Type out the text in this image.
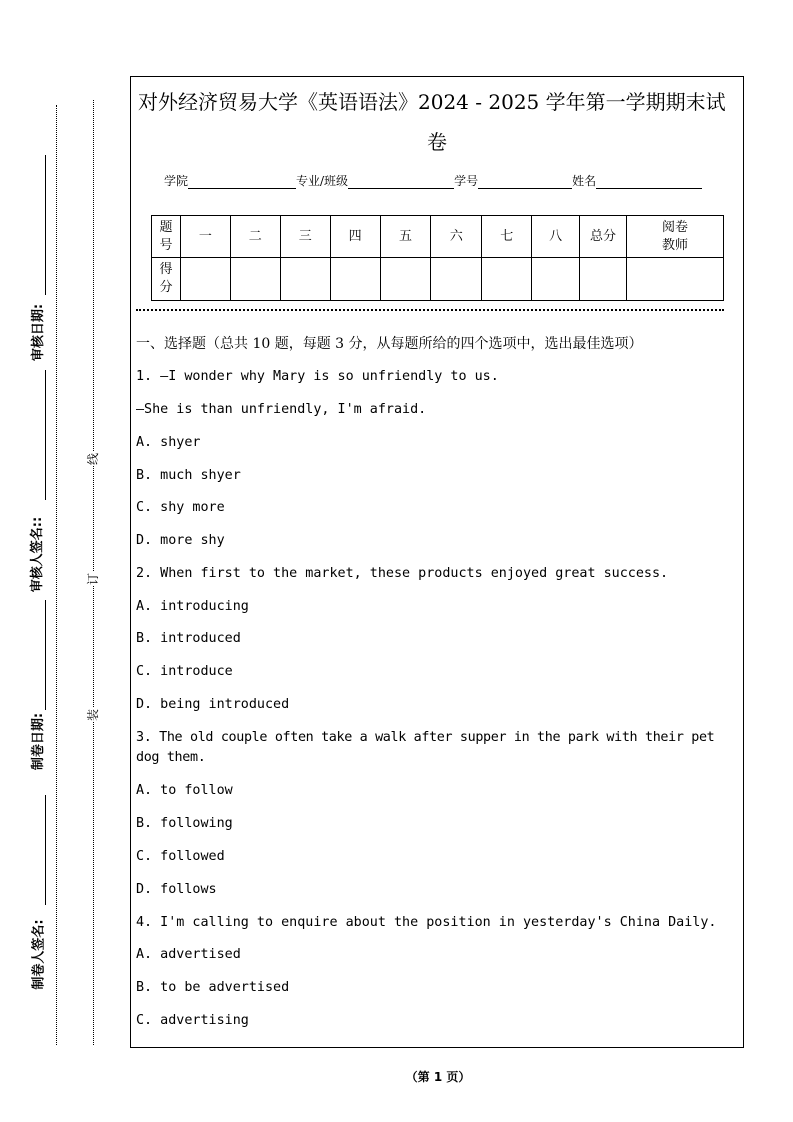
审核日期:
审核人签名::
制卷日期:
制卷人签名:
线
订
装
对外经济贸易大学《英语语法》2024 - 2025 学年第一学期期末试
卷
学院	专业/班级	学号	姓名
题号	一	二	三	四	五	六	七	八	总分	阅卷教师
得分										
一、选择题（总共 10 题，每题 3 分，从每题所给的四个选项中，选出最佳选项）
1. —I wonder why Mary is so unfriendly to us.
—She is than unfriendly, I'm afraid.
A. shyer
B. much shyer
C. shy more
D. more shy
2. When first to the market, these products enjoyed great success.
A. introducing
B. introduced
C. introduce
D. being introduced
3. The old couple often take a walk after supper in the park with their pet dog them.
A. to follow
B. following
C. followed
D. follows
4. I'm calling to enquire about the position in yesterday's China Daily.
A. advertised
B. to be advertised
C. advertising
（第 1 页）
